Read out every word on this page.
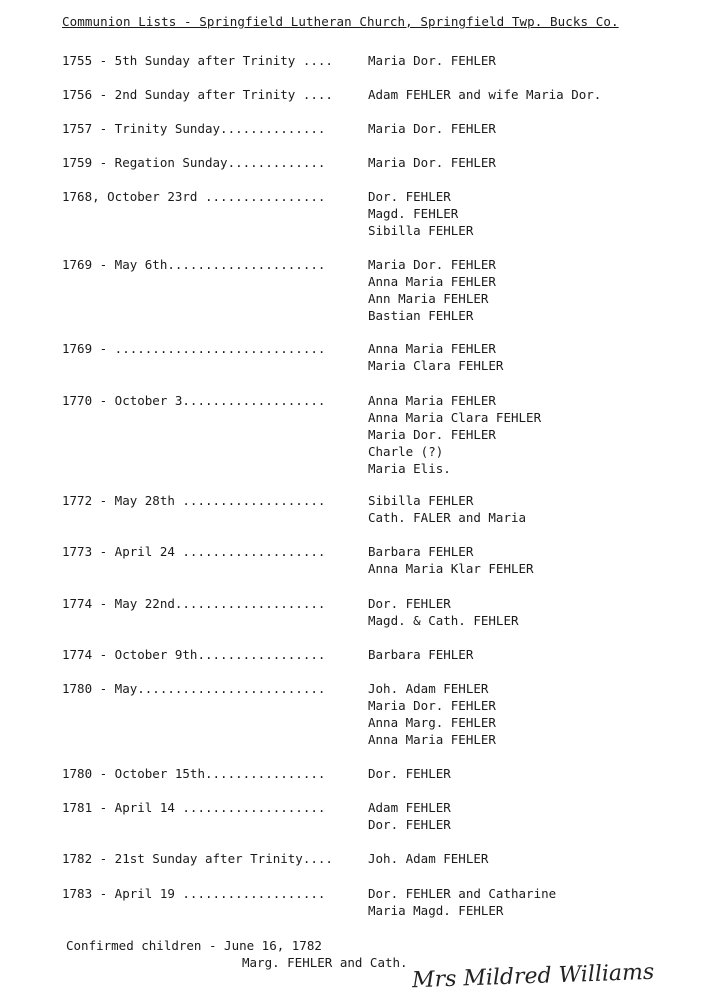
Communion Lists - Springfield Lutheran Church, Springfield Twp. Bucks Co.
1755 - 5th Sunday after Trinity ....	Maria Dor. FEHLER
1756 - 2nd Sunday after Trinity ....	Adam FEHLER and wife Maria Dor.
1757 - Trinity Sunday..............	Maria Dor. FEHLER
1759 - Regation Sunday.............	Maria Dor. FEHLER
1768, October 23rd ................	Dor. FEHLER
Magd. FEHLER
Sibilla FEHLER
1769 - May 6th.....................	Maria Dor. FEHLER
Anna Maria FEHLER
Ann Maria FEHLER
Bastian FEHLER
1769 - ............................	Anna Maria FEHLER
Maria Clara FEHLER
1770 - October 3...................	Anna Maria FEHLER
Anna Maria Clara FEHLER
Maria Dor. FEHLER
Charle (?)
Maria Elis.
1772 - May 28th ...................	Sibilla FEHLER
Cath. FALER and Maria
1773 - April 24 ...................	Barbara FEHLER
Anna Maria Klar FEHLER
1774 - May 22nd....................	Dor. FEHLER
Magd. & Cath. FEHLER
1774 - October 9th.................	Barbara FEHLER
1780 - May.........................	Joh. Adam FEHLER
Maria Dor. FEHLER
Anna Marg. FEHLER
Anna Maria FEHLER
1780 - October 15th................	Dor. FEHLER
1781 - April 14 ...................	Adam FEHLER
Dor. FEHLER
1782 - 21st Sunday after Trinity....	Joh. Adam FEHLER
1783 - April 19 ...................	Dor. FEHLER and Catharine
Maria Magd. FEHLER
Confirmed children - June 16, 1782
Marg. FEHLER and Cath. Mrs Mildred Williams
